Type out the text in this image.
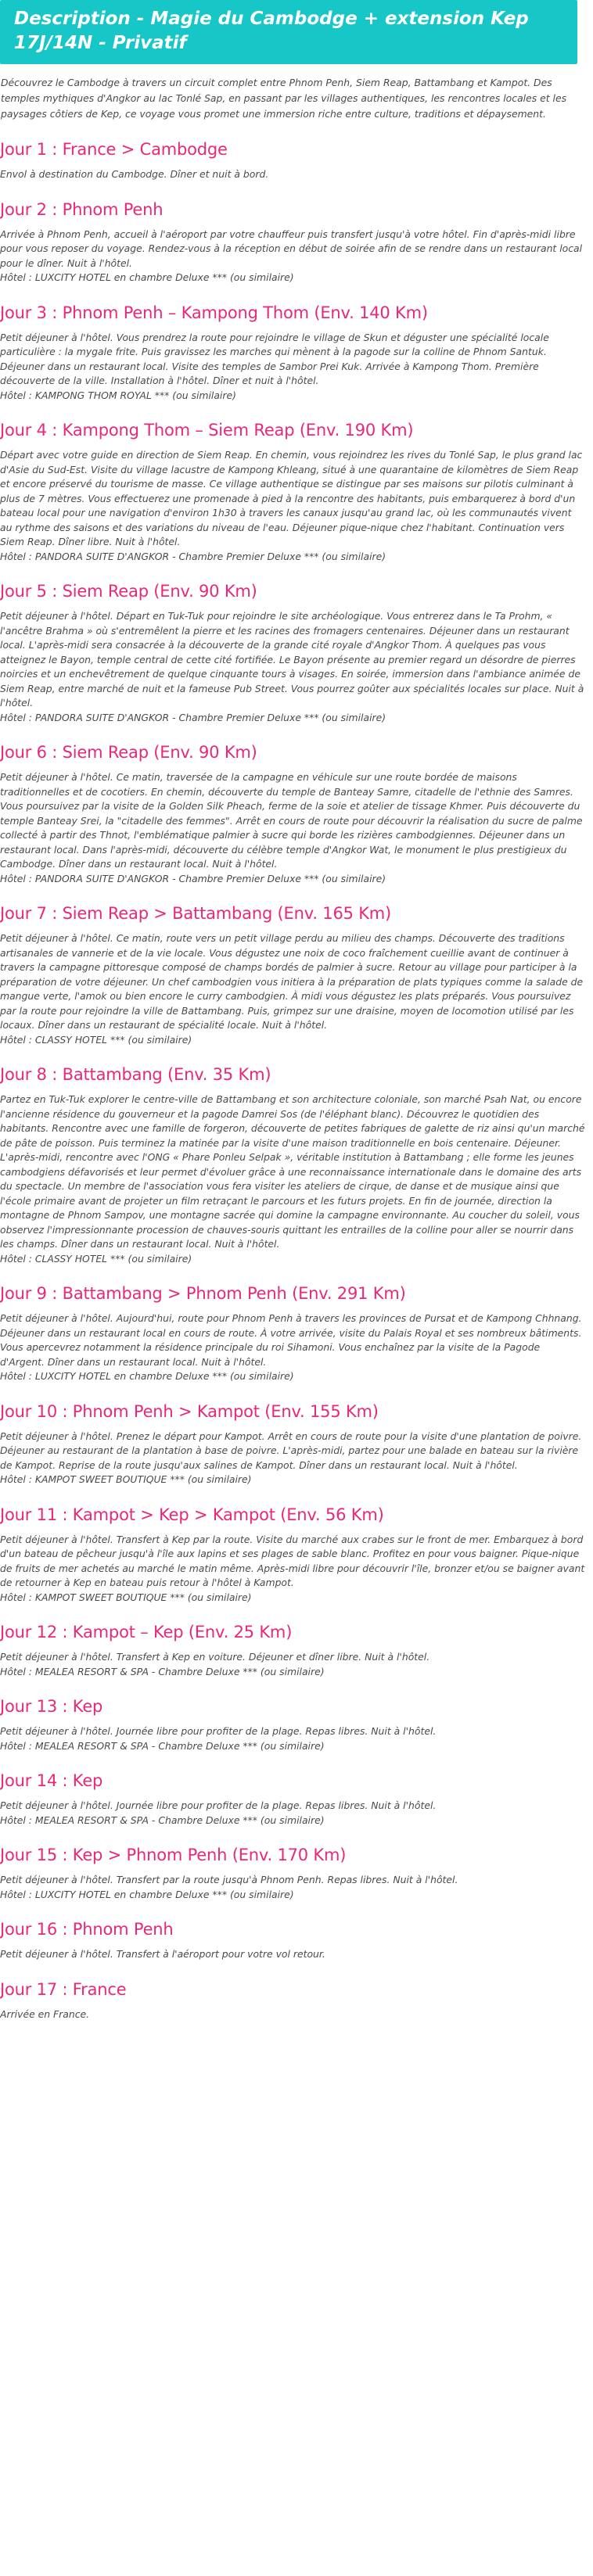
Description - Magie du Cambodge + extension Kep 17J/14N - Privatif

Découvrez le Cambodge à travers un circuit complet entre Phnom Penh, Siem Reap, Battambang et Kampot. Des temples mythiques d'Angkor au lac Tonlé Sap, en passant par les villages authentiques, les rencontres locales et les paysages côtiers de Kep, ce voyage vous promet une immersion riche entre culture, traditions et dépaysement.

Jour 1 : France > Cambodge

Envol à destination du Cambodge. Dîner et nuit à bord.

Jour 2 : Phnom Penh

Arrivée à Phnom Penh, accueil à l'aéroport par votre chauffeur puis transfert jusqu'à votre hôtel. Fin d'après-midi libre pour vous reposer du voyage. Rendez-vous à la réception en début de soirée afin de se rendre dans un restaurant local pour le dîner. Nuit à l'hôtel.

Hôtel : LUXCITY HOTEL en chambre Deluxe *** (ou similaire)

Jour 3 : Phnom Penh – Kampong Thom (Env. 140 Km)

Petit déjeuner à l'hôtel. Vous prendrez la route pour rejoindre le village de Skun et déguster une spécialité locale particulière : la mygale frite. Puis gravissez les marches qui mènent à la pagode sur la colline de Phnom Santuk. Déjeuner dans un restaurant local. Visite des temples de Sambor Prei Kuk. Arrivée à Kampong Thom. Première découverte de la ville. Installation à l'hôtel. Dîner et nuit à l'hôtel.

Hôtel : KAMPONG THOM ROYAL *** (ou similaire)

Jour 4 : Kampong Thom – Siem Reap (Env. 190 Km)

Départ avec votre guide en direction de Siem Reap. En chemin, vous rejoindrez les rives du Tonlé Sap, le plus grand lac d'Asie du Sud-Est. Visite du village lacustre de Kampong Khleang, situé à une quarantaine de kilomètres de Siem Reap et encore préservé du tourisme de masse. Ce village authentique se distingue par ses maisons sur pilotis culminant à plus de 7 mètres. Vous effectuerez une promenade à pied à la rencontre des habitants, puis embarquerez à bord d'un bateau local pour une navigation d'environ 1h30 à travers les canaux jusqu'au grand lac, où les communautés vivent au rythme des saisons et des variations du niveau de l'eau. Déjeuner pique-nique chez l'habitant. Continuation vers Siem Reap. Dîner libre. Nuit à l'hôtel.

Hôtel : PANDORA SUITE D'ANGKOR - Chambre Premier Deluxe *** (ou similaire)

Jour 5 : Siem Reap (Env. 90 Km)

Petit déjeuner à l'hôtel. Départ en Tuk-Tuk pour rejoindre le site archéologique. Vous entrerez dans le Ta Prohm, « l'ancêtre Brahma » où s'entremêlent la pierre et les racines des fromagers centenaires. Déjeuner dans un restaurant local. L'après-midi sera consacrée à la découverte de la grande cité royale d'Angkor Thom. À quelques pas vous atteignez le Bayon, temple central de cette cité fortifiée. Le Bayon présente au premier regard un désordre de pierres noircies et un enchevêtrement de quelque cinquante tours à visages. En soirée, immersion dans l'ambiance animée de Siem Reap, entre marché de nuit et la fameuse Pub Street. Vous pourrez goûter aux spécialités locales sur place. Nuit à l'hôtel.

Hôtel : PANDORA SUITE D'ANGKOR - Chambre Premier Deluxe *** (ou similaire)

Jour 6 : Siem Reap (Env. 90 Km)

Petit déjeuner à l'hôtel. Ce matin, traversée de la campagne en véhicule sur une route bordée de maisons traditionnelles et de cocotiers. En chemin, découverte du temple de Banteay Samre, citadelle de l'ethnie des Samres. Vous poursuivez par la visite de la Golden Silk Pheach, ferme de la soie et atelier de tissage Khmer. Puis découverte du temple Banteay Srei, la "citadelle des femmes". Arrêt en cours de route pour découvrir la réalisation du sucre de palme collecté à partir des Thnot, l'emblématique palmier à sucre qui borde les rizières cambodgiennes. Déjeuner dans un restaurant local. Dans l'après-midi, découverte du célèbre temple d'Angkor Wat, le monument le plus prestigieux du Cambodge. Dîner dans un restaurant local. Nuit à l'hôtel.

Hôtel : PANDORA SUITE D'ANGKOR - Chambre Premier Deluxe *** (ou similaire)

Jour 7 : Siem Reap > Battambang (Env. 165 Km)

Petit déjeuner à l'hôtel. Ce matin, route vers un petit village perdu au milieu des champs. Découverte des traditions artisanales de vannerie et de la vie locale. Vous dégustez une noix de coco fraîchement cueillie avant de continuer à travers la campagne pittoresque composé de champs bordés de palmier à sucre. Retour au village pour participer à la préparation de votre déjeuner. Un chef cambodgien vous initiera à la préparation de plats typiques comme la salade de mangue verte, l'amok ou bien encore le curry cambodgien. À midi vous dégustez les plats préparés. Vous poursuivez par la route pour rejoindre la ville de Battambang. Puis, grimpez sur une draisine, moyen de locomotion utilisé par les locaux. Dîner dans un restaurant de spécialité locale. Nuit à l'hôtel.

Hôtel : CLASSY HOTEL *** (ou similaire)

Jour 8 : Battambang (Env. 35 Km)

Partez en Tuk-Tuk explorer le centre-ville de Battambang et son architecture coloniale, son marché Psah Nat, ou encore l'ancienne résidence du gouverneur et la pagode Damrei Sos (de l'éléphant blanc). Découvrez le quotidien des habitants. Rencontre avec une famille de forgeron, découverte de petites fabriques de galette de riz ainsi qu'un marché de pâte de poisson. Puis terminez la matinée par la visite d'une maison traditionnelle en bois centenaire. Déjeuner. L'après-midi, rencontre avec l'ONG « Phare Ponleu Selpak », véritable institution à Battambang ; elle forme les jeunes cambodgiens défavorisés et leur permet d'évoluer grâce à une reconnaissance internationale dans le domaine des arts du spectacle. Un membre de l'association vous fera visiter les ateliers de cirque, de danse et de musique ainsi que l'école primaire avant de projeter un film retraçant le parcours et les futurs projets. En fin de journée, direction la montagne de Phnom Sampov, une montagne sacrée qui domine la campagne environnante. Au coucher du soleil, vous observez l'impressionnante procession de chauves-souris quittant les entrailles de la colline pour aller se nourrir dans les champs. Dîner dans un restaurant local. Nuit à l'hôtel.

Hôtel : CLASSY HOTEL *** (ou similaire)

Jour 9 : Battambang > Phnom Penh (Env. 291 Km)

Petit déjeuner à l'hôtel. Aujourd'hui, route pour Phnom Penh à travers les provinces de Pursat et de Kampong Chhnang. Déjeuner dans un restaurant local en cours de route. À votre arrivée, visite du Palais Royal et ses nombreux bâtiments. Vous apercevrez notamment la résidence principale du roi Sihamoni. Vous enchaînez par la visite de la Pagode d'Argent. Dîner dans un restaurant local. Nuit à l'hôtel.

Hôtel : LUXCITY HOTEL en chambre Deluxe *** (ou similaire)

Jour 10 : Phnom Penh > Kampot (Env. 155 Km)

Petit déjeuner à l'hôtel. Prenez le départ pour Kampot. Arrêt en cours de route pour la visite d'une plantation de poivre. Déjeuner au restaurant de la plantation à base de poivre. L'après-midi, partez pour une balade en bateau sur la rivière de Kampot. Reprise de la route jusqu'aux salines de Kampot. Dîner dans un restaurant local. Nuit à l'hôtel.

Hôtel : KAMPOT SWEET BOUTIQUE *** (ou similaire)

Jour 11 : Kampot > Kep > Kampot (Env. 56 Km)

Petit déjeuner à l'hôtel. Transfert à Kep par la route. Visite du marché aux crabes sur le front de mer. Embarquez à bord d'un bateau de pêcheur jusqu'à l'île aux lapins et ses plages de sable blanc. Profitez en pour vous baigner. Pique-nique de fruits de mer achetés au marché le matin même. Après-midi libre pour découvrir l'île, bronzer et/ou se baigner avant de retourner à Kep en bateau puis retour à l'hôtel à Kampot.

Hôtel : KAMPOT SWEET BOUTIQUE *** (ou similaire)

Jour 12 : Kampot – Kep (Env. 25 Km)

Petit déjeuner à l'hôtel. Transfert à Kep en voiture. Déjeuner et dîner libre. Nuit à l'hôtel.

Hôtel : MEALEA RESORT & SPA - Chambre Deluxe *** (ou similaire)

Jour 13 : Kep

Petit déjeuner à l'hôtel. Journée libre pour profiter de la plage. Repas libres. Nuit à l'hôtel.

Hôtel : MEALEA RESORT & SPA - Chambre Deluxe *** (ou similaire)

Jour 14 : Kep

Petit déjeuner à l'hôtel. Journée libre pour profiter de la plage. Repas libres. Nuit à l'hôtel.

Hôtel : MEALEA RESORT & SPA - Chambre Deluxe *** (ou similaire)

Jour 15 : Kep > Phnom Penh (Env. 170 Km)

Petit déjeuner à l'hôtel. Transfert par la route jusqu'à Phnom Penh. Repas libres. Nuit à l'hôtel.

Hôtel : LUXCITY HOTEL en chambre Deluxe *** (ou similaire)

Jour 16 : Phnom Penh

Petit déjeuner à l'hôtel. Transfert à l'aéroport pour votre vol retour.

Jour 17 : France

Arrivée en France.
